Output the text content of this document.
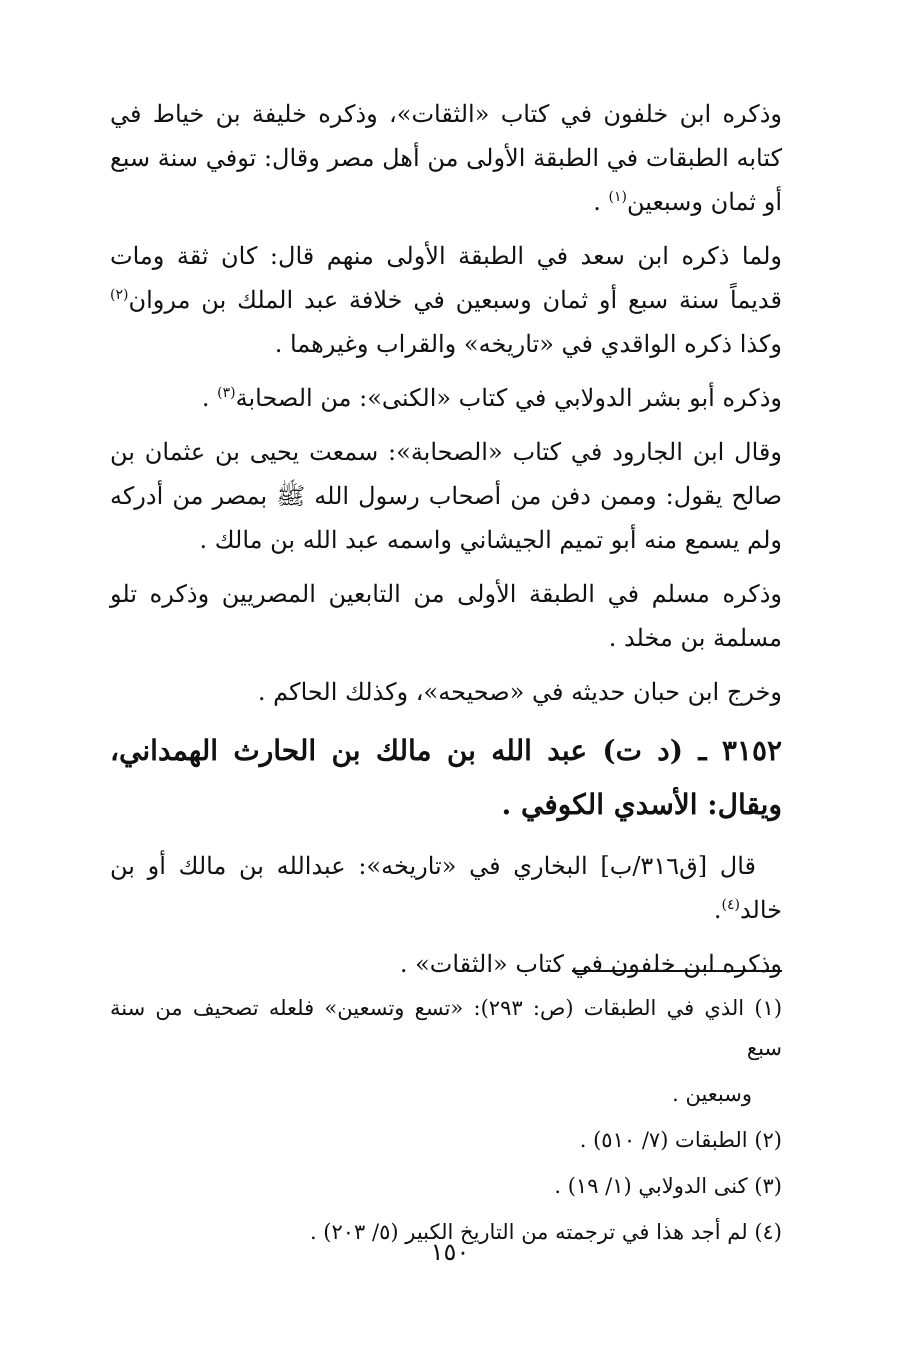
وذكره ابن خلفون في كتاب «الثقات»، وذكره خليفة بن خياط في كتابه الطبقات في الطبقة الأولى من أهل مصر وقال: توفي سنة سبع أو ثمان وسبعين$^{(١)}$ .

ولما ذكره ابن سعد في الطبقة الأولى منهم قال: كان ثقة ومات قديماً سنة سبع أو ثمان وسبعين في خلافة عبد الملك بن مروان$^{(٢)}$ وكذا ذكره الواقدي في «تاريخه» والقراب وغيرهما .

وذكره أبو بشر الدولابي في كتاب «الكنى»: من الصحابة$^{(٣)}$ .

وقال ابن الجارود في كتاب «الصحابة»: سمعت يحيى بن عثمان بن صالح يقول: وممن دفن من أصحاب رسول الله ﷺ بمصر من أدركه ولم يسمع منه أبو تميم الجيشاني واسمه عبد الله بن مالك .

وذكره مسلم في الطبقة الأولى من التابعين المصريين وذكره تلو مسلمة بن مخلد .

وخرج ابن حبان حديثه في «صحيحه»، وكذلك الحاكم .

٣١٥٢ ـ (د ت) عبد الله بن مالك بن الحارث الهمداني، ويقال: الأسدي الكوفي .

قال [ق٣١٦/ب] البخاري في «تاريخه»: عبدالله بن مالك أو بن خالد$^{(٤)}$.

وذكره ابن خلفون في كتاب «الثقات» .

(١) الذي في الطبقات (ص: ٢٩٣): «تسع وتسعين» فلعله تصحيف من سنة سبع

وسبعين .

(٢) الطبقات (٧/ ٥١٠) .

(٣) كنى الدولابي (١/ ١٩) .

(٤) لم أجد هذا في ترجمته من التاريخ الكبير (٥/ ٢٠٣) .

١٥٠
